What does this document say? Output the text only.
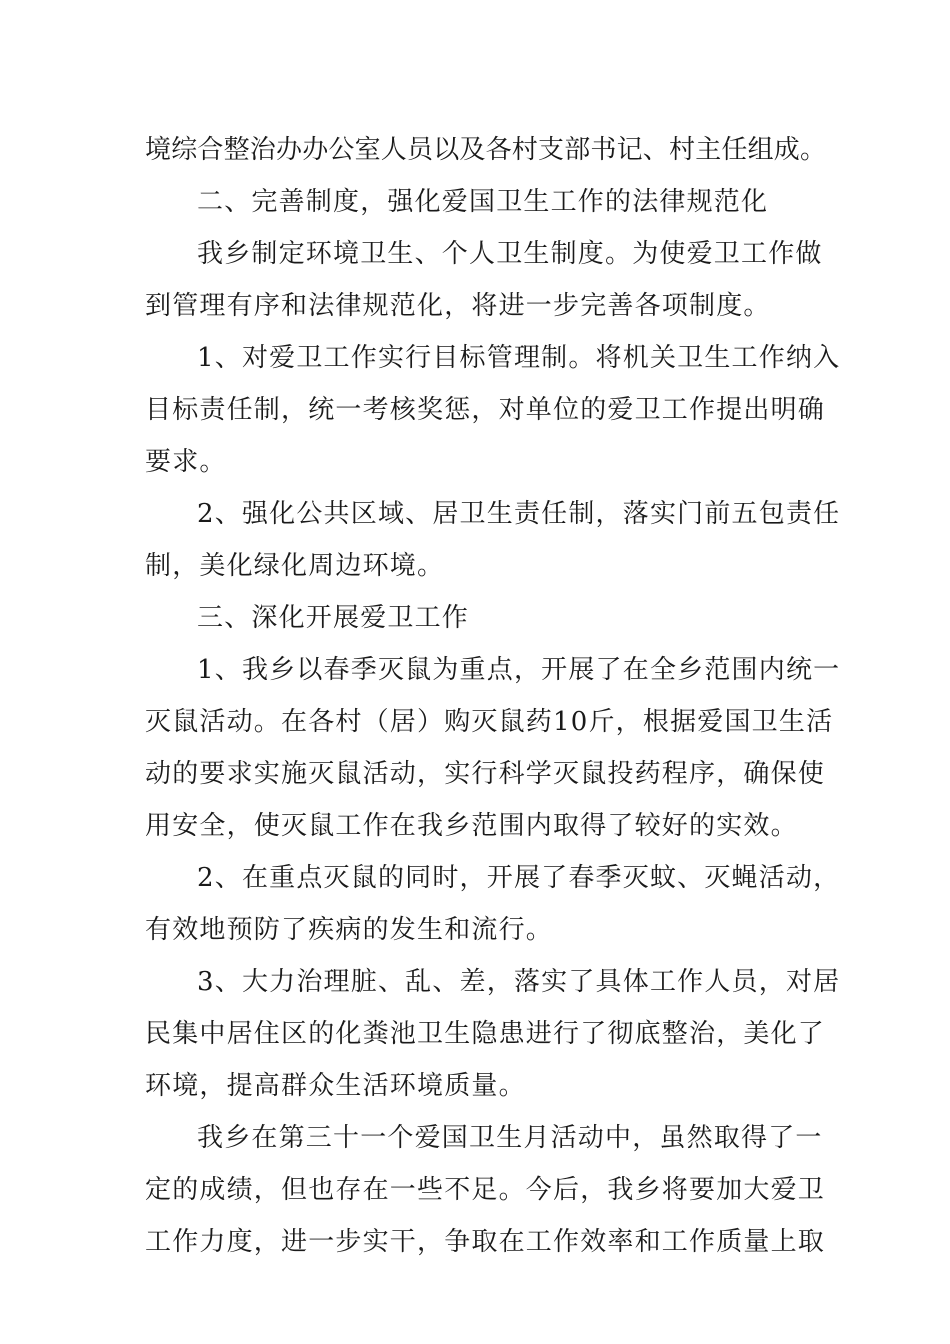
境综合整治办办公室人员以及各村支部书记、村主任组成。
二、完善制度，强化爱国卫生工作的法律规范化
我乡制定环境卫生、个人卫生制度。为使爱卫工作做
到管理有序和法律规范化，将进一步完善各项制度。
1、对爱卫工作实行目标管理制。将机关卫生工作纳入
目标责任制，统一考核奖惩，对单位的爱卫工作提出明确
要求。
2、强化公共区域、居卫生责任制，落实门前五包责任
制，美化绿化周边环境。
三、深化开展爱卫工作
1、我乡以春季灭鼠为重点，开展了在全乡范围内统一
灭鼠活动。在各村（居）购灭鼠药10斤，根据爱国卫生活
动的要求实施灭鼠活动，实行科学灭鼠投药程序，确保使
用安全，使灭鼠工作在我乡范围内取得了较好的实效。
2、在重点灭鼠的同时，开展了春季灭蚊、灭蝇活动，
有效地预防了疾病的发生和流行。
3、大力治理脏、乱、差，落实了具体工作人员，对居
民集中居住区的化粪池卫生隐患进行了彻底整治，美化了
环境，提高群众生活环境质量。
我乡在第三十一个爱国卫生月活动中，虽然取得了一
定的成绩，但也存在一些不足。今后，我乡将要加大爱卫
工作力度，进一步实干，争取在工作效率和工作质量上取
